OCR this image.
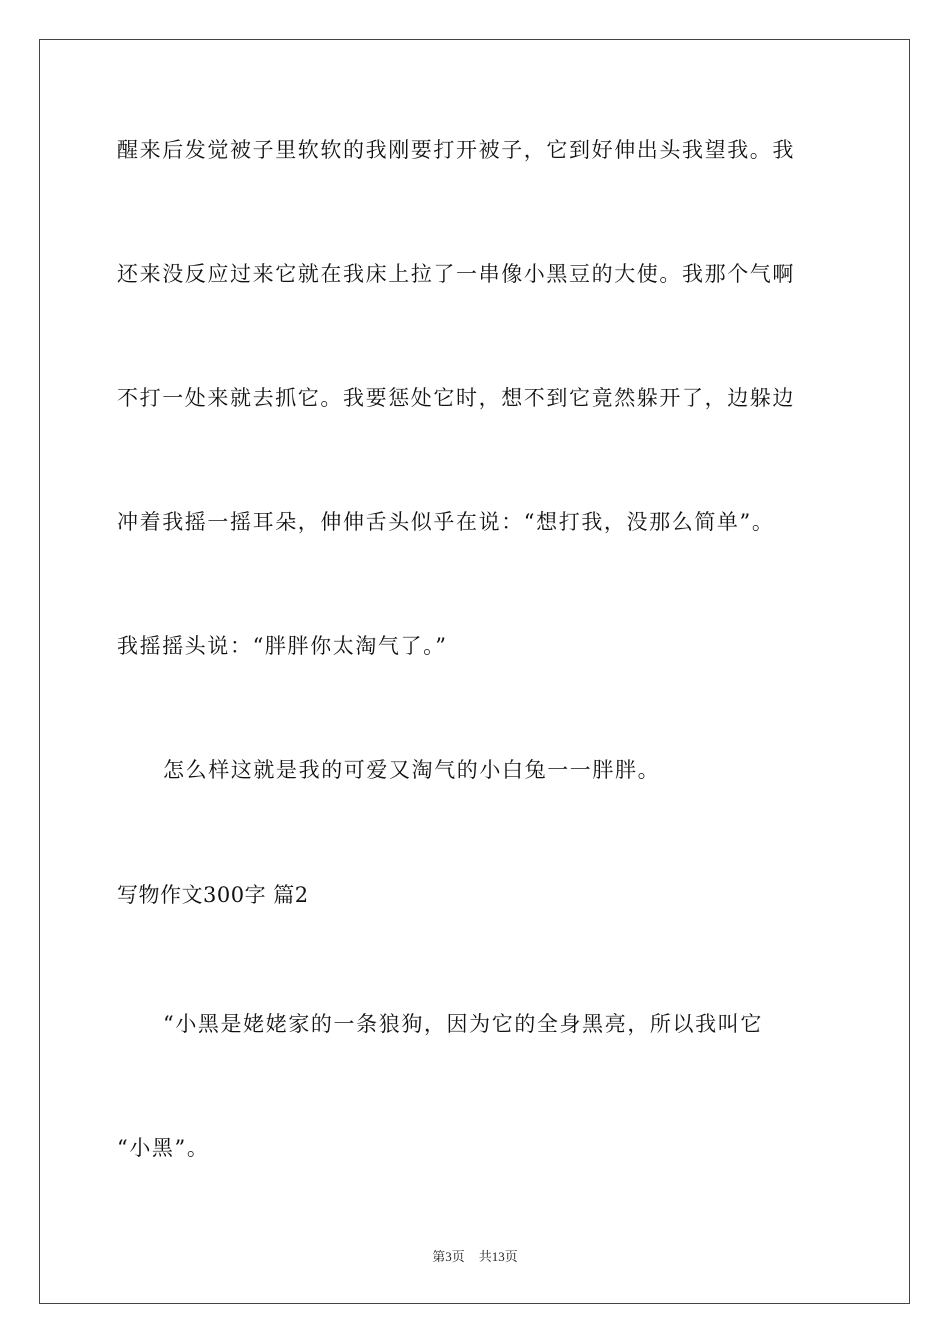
醒来后发觉被子里软软的我刚要打开被子，它到好伸出头我望我。我
还来没反应过来它就在我床上拉了一串像小黑豆的大使。我那个气啊
不打一处来就去抓它。我要惩处它时，想不到它竟然躲开了，边躲边
冲着我摇一摇耳朵，伸伸舌头似乎在说：“想打我，没那么简单”。
我摇摇头说：“胖胖你太淘气了。”
怎么样这就是我的可爱又淘气的小白兔一一胖胖。
写物作文300字 篇2
“小黑是姥姥家的一条狼狗，因为它的全身黑亮，所以我叫它
“小黑”。
第3页 共13页
